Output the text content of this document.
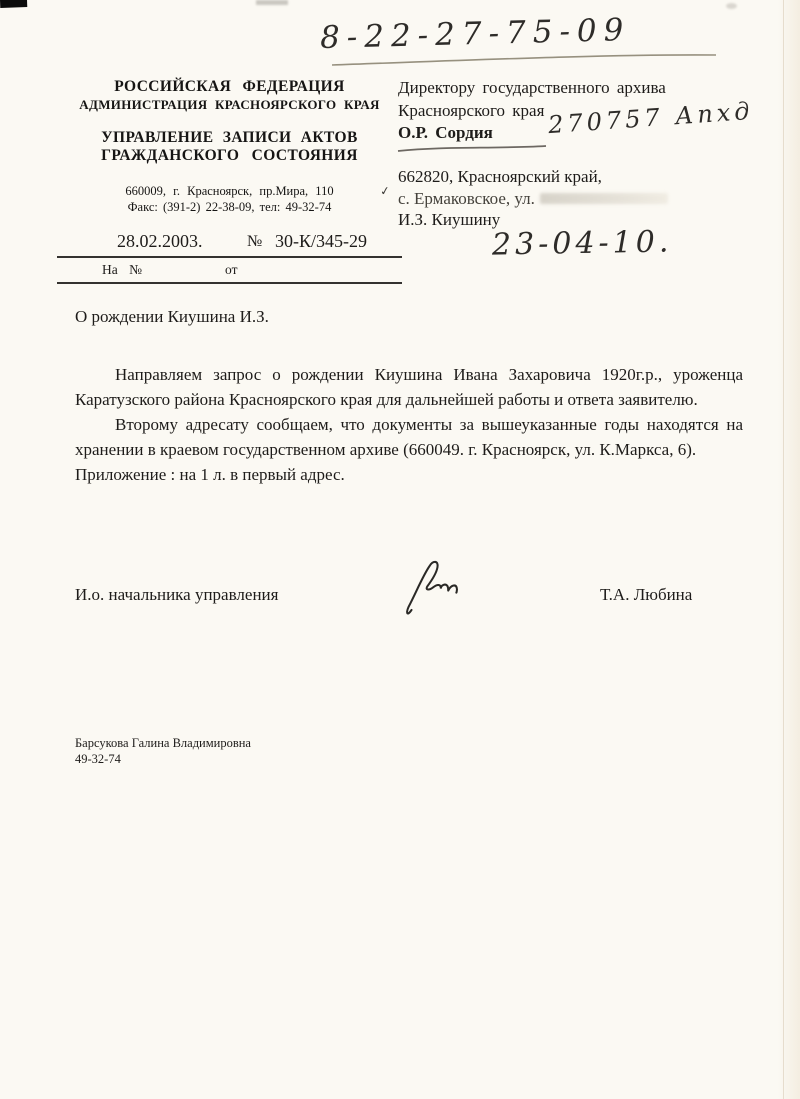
8-22-27-75-09
РОССИЙСКАЯ ФЕДЕРАЦИЯ
АДМИНИСТРАЦИЯ КРАСНОЯРСКОГО КРАЯ
УПРАВЛЕНИЕ ЗАПИСИ АКТОВ
ГРАЖДАНСКОГО СОСТОЯНИЯ
660009, г. Красноярск, пр.Мира, 110
Факс: (391-2) 22-38-09, тел: 49-32-74
28.02.2003.	№ 30-К/345-29
На №	от
Директору государственного архива
Красноярского края
О.Р. Сордия	270757 Апхд
✓
662820, Красноярский край,
с. Ермаковское, ул.
И.З. Киушину
23-04-10.
О рождении Киушина И.З.

Направляем запрос о рождении Киушина Ивана Захаровича 1920г.р., уроженца Каратузского района Красноярского края для дальнейшей работы и ответа заявителю.

Второму адресату сообщаем, что документы за вышеуказанные годы находятся на хранении в краевом государственном архиве (660049. г. Красноярск, ул. К.Маркса, 6).

Приложение : на 1 л. в первый адрес.

И.о. начальника управления	Т.А. Любина
Барсукова Галина Владимировна
49-32-74
